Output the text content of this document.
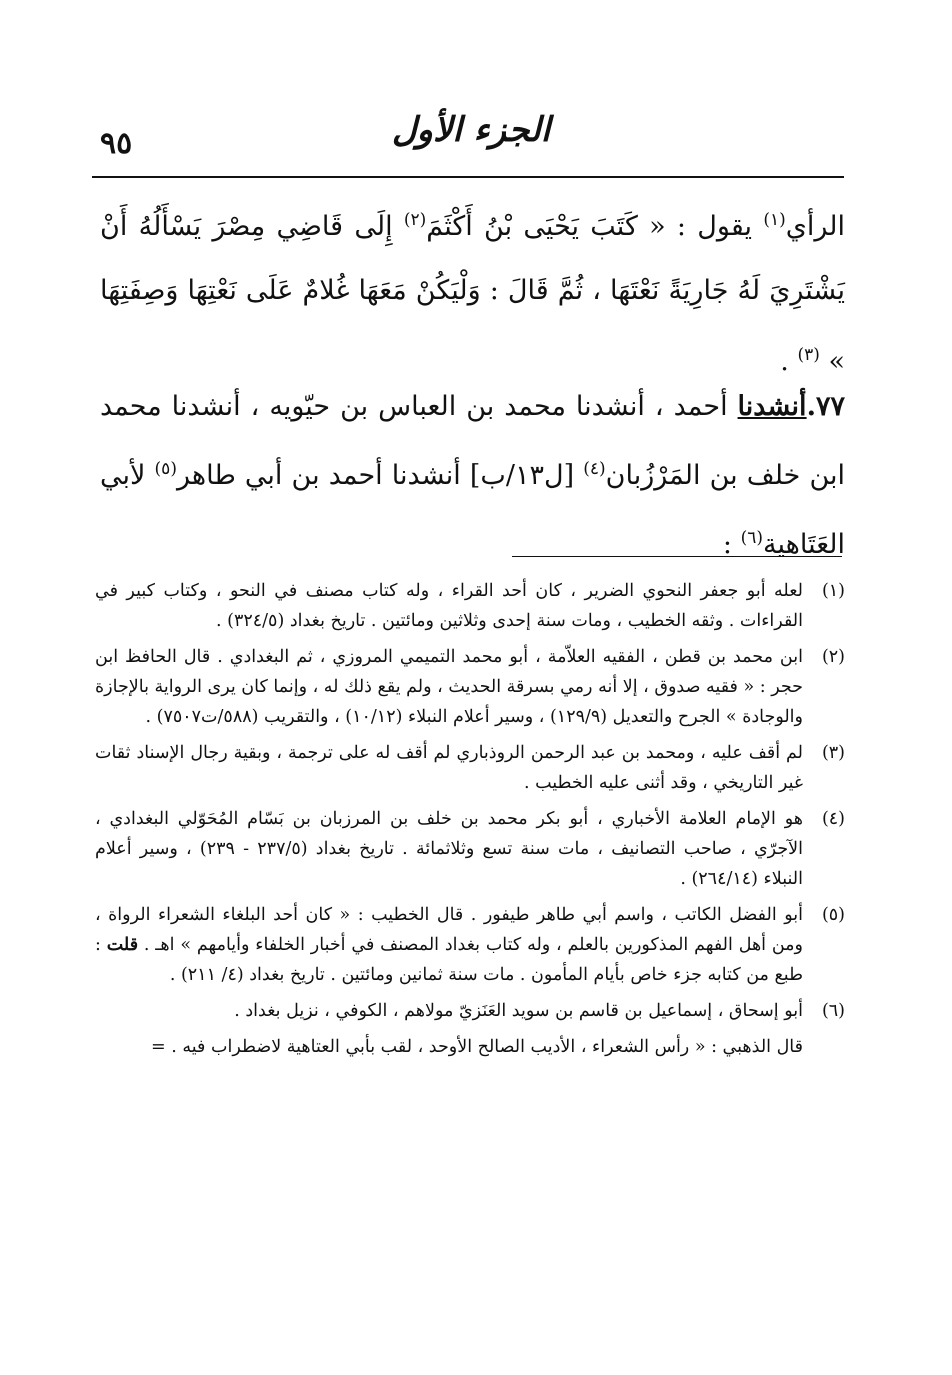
٩٥	الجزء الأول
الرأي$^{(١)}$ يقول : « كَتَبَ يَحْيَى بْنُ أَكْثَمَ$^{(٢)}$ إِلَى قَاضِي مِصْرَ يَسْأَلُهُ أَنْ يَشْتَرِيَ لَهُ جَارِيَةً نَعْتَهَا ، ثُمَّ قَالَ : وَلْيَكُنْ مَعَهَا غُلامٌ عَلَى نَعْتِهَا وَصِفَتِهَا » $^{(٣)}$ .
٧٧.أنشدنا أحمد ، أنشدنا محمد بن العباس بن حيّويه ، أنشدنا محمد ابن خلف بن المَرْزُبان$^{(٤)}$ [ل١٣/ب] أنشدنا أحمد بن أبي طاهر$^{(٥)}$ لأبي العَتَاهية$^{(٦)}$ :
(١)
لعله أبو جعفر النحوي الضرير ، كان أحد القراء ، وله كتاب مصنف في النحو ، وكتاب كبير في القراءات . وثقه الخطيب ، ومات سنة إحدى وثلاثين ومائتين . تاريخ بغداد (٣٢٤/٥) .
(٢)
ابن محمد بن قطن ، الفقيه العلاّمة ، أبو محمد التميمي المروزي ، ثم البغدادي . قال الحافظ ابن حجر : « فقيه صدوق ، إلا أنه رمي بسرقة الحديث ، ولم يقع ذلك له ، وإنما كان يرى الرواية بالإجازة والوجادة » الجرح والتعديل (١٢٩/٩) ، وسير أعلام النبلاء (١٠/١٢) ، والتقريب (٥٨٨/ت٧٥٠٧) .
(٣)
لم أقف عليه ، ومحمد بن عبد الرحمن الروذباري لم أقف له على ترجمة ، وبقية رجال الإسناد ثقات غير التاريخي ، وقد أثنى عليه الخطيب .
(٤)
هو الإمام العلامة الأخباري ، أبو بكر محمد بن خلف بن المرزبان بن بَسّام المُحَوّلي البغدادي ، الآجرّي ، صاحب التصانيف ، مات سنة تسع وثلاثمائة . تاريخ بغداد (٢٣٧/٥ - ٢٣٩) ، وسير أعلام النبلاء (٢٦٤/١٤) .
(٥)
أبو الفضل الكاتب ، واسم أبي طاهر طيفور . قال الخطيب : « كان أحد البلغاء الشعراء الرواة ، ومن أهل الفهم المذكورين بالعلم ، وله كتاب بغداد المصنف في أخبار الخلفاء وأيامهم » اهـ . قلت : طبع من كتابه جزء خاص بأيام المأمون . مات سنة ثمانين ومائتين . تاريخ بغداد (٤/ ٢١١) .
(٦)
أبو إسحاق ، إسماعيل بن قاسم بن سويد العَنَزيّ مولاهم ، الكوفي ، نزيل بغداد .
قال الذهبي : « رأس الشعراء ، الأديب الصالح الأوحد ، لقب بأبي العتاهية لاضطراب فيه . =
